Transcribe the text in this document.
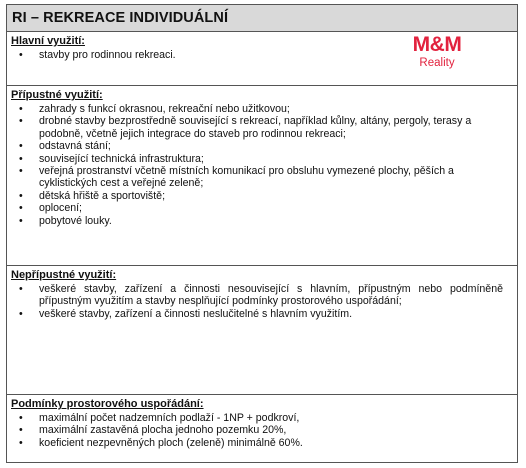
RI – REKREACE INDIVIDUÁLNÍ
Hlavní využití:
• stavby pro rodinnou rekreaci.	M&M
Reality
Přípustné využití:
• zahrady s funkcí okrasnou, rekreační nebo užitkovou;
• drobné stavby bezprostředně související s rekreací, například kůlny, altány, pergoly, terasy a podobně, včetně jejich integrace do staveb pro rodinnou rekreaci;
• odstavná stání;
• související technická infrastruktura;
• veřejná prostranství včetně místních komunikací pro obsluhu vymezené plochy, pěších a cyklistických cest a veřejné zeleně;
• dětská hřiště a sportoviště;
• oplocení;
• pobytové louky.
Nepřípustné využití:
• veškeré stavby, zařízení a činnosti nesouvisející s hlavním, přípustným nebo podmíněně přípustným využitím a stavby nesplňující podmínky prostorového uspořádání;
• veškeré stavby, zařízení a činnosti neslučitelné s hlavním využitím.
Podmínky prostorového uspořádání:
• maximální počet nadzemních podlaží - 1NP + podkroví,
• maximální zastavěná plocha jednoho pozemku 20%,
• koeficient nezpevněných ploch (zeleně) minimálně 60%.
